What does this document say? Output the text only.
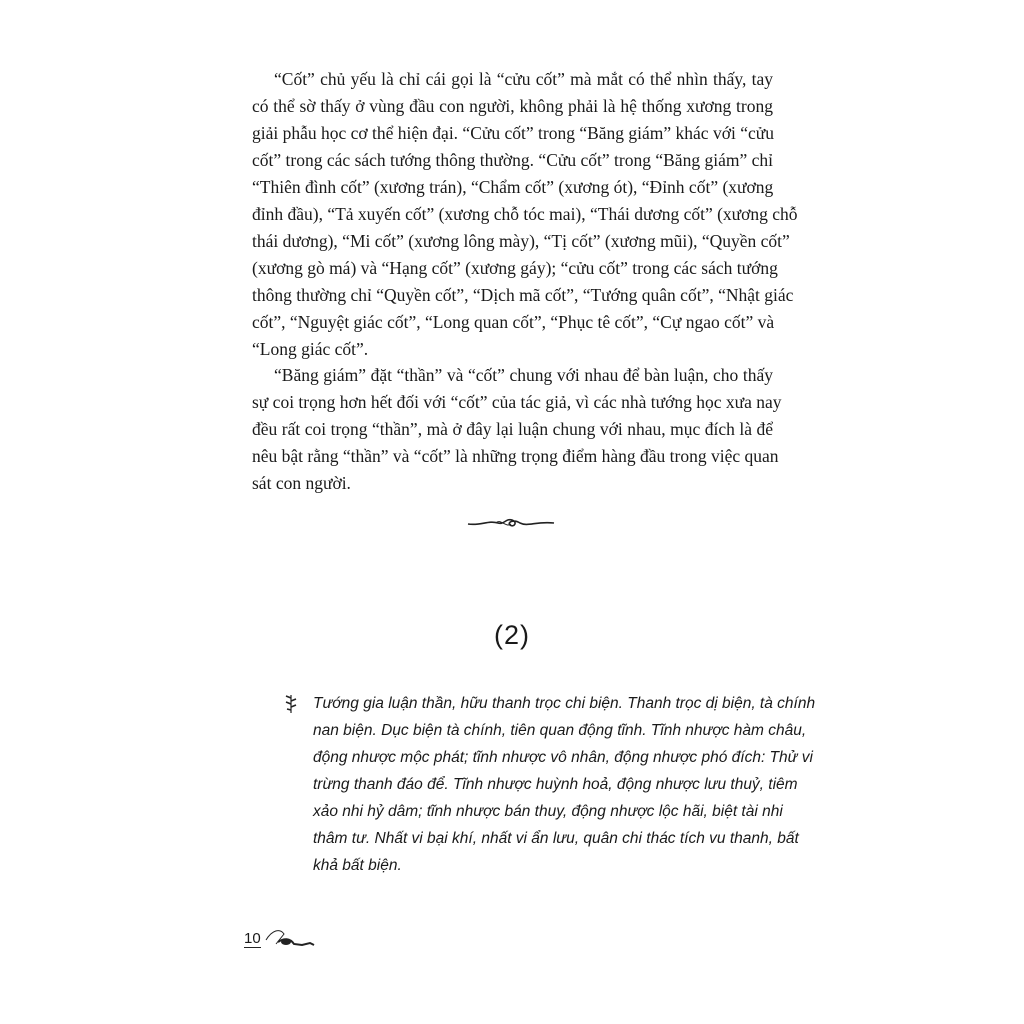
“Cốt” chủ yếu là chỉ cái gọi là “cửu cốt” mà mắt có thể nhìn thấy, tay
có thể sờ thấy ở vùng đầu con người, không phải là hệ thống xương trong
giải phẫu học cơ thể hiện đại. “Cửu cốt” trong “Băng giám” khác với “cửu
cốt” trong các sách tướng thông thường. “Cửu cốt” trong “Băng giám” chỉ
“Thiên đình cốt” (xương trán), “Chẩm cốt” (xương ót), “Đỉnh cốt” (xương
đỉnh đầu), “Tả xuyến cốt” (xương chỗ tóc mai), “Thái dương cốt” (xương chỗ
thái dương), “Mi cốt” (xương lông mày), “Tị cốt” (xương mũi), “Quyền cốt”
(xương gò má) và “Hạng cốt” (xương gáy); “cửu cốt” trong các sách tướng
thông thường chỉ “Quyền cốt”, “Dịch mã cốt”, “Tướng quân cốt”, “Nhật giác
cốt”, “Nguyệt giác cốt”, “Long quan cốt”, “Phục tê cốt”, “Cự ngao cốt” và
“Long giác cốt”.
“Băng giám” đặt “thần” và “cốt” chung với nhau để bàn luận, cho thấy
sự coi trọng hơn hết đối với “cốt” của tác giả, vì các nhà tướng học xưa nay
đều rất coi trọng “thần”, mà ở đây lại luận chung với nhau, mục đích là để
nêu bật rằng “thần” và “cốt” là những trọng điểm hàng đầu trong việc quan
sát con người.
(2)
Tướng gia luận thần, hữu thanh trọc chi biện. Thanh trọc dị biện, tà chính
nan biện. Dục biện tà chính, tiên quan động tĩnh. Tĩnh nhược hàm châu,
động nhược mộc phát; tĩnh nhược vô nhân, động nhược phó đích: Thử vi
trừng thanh đáo để. Tĩnh nhược huỳnh hoả, động nhược lưu thuỷ, tiêm
xảo nhi hỷ dâm; tĩnh nhược bán thuy, động nhược lộc hãi, biệt tài nhi
thâm tư. Nhất vi bại khí, nhất vi ẩn lưu, quân chi thác tích vu thanh, bất
khả bất biện.
10
